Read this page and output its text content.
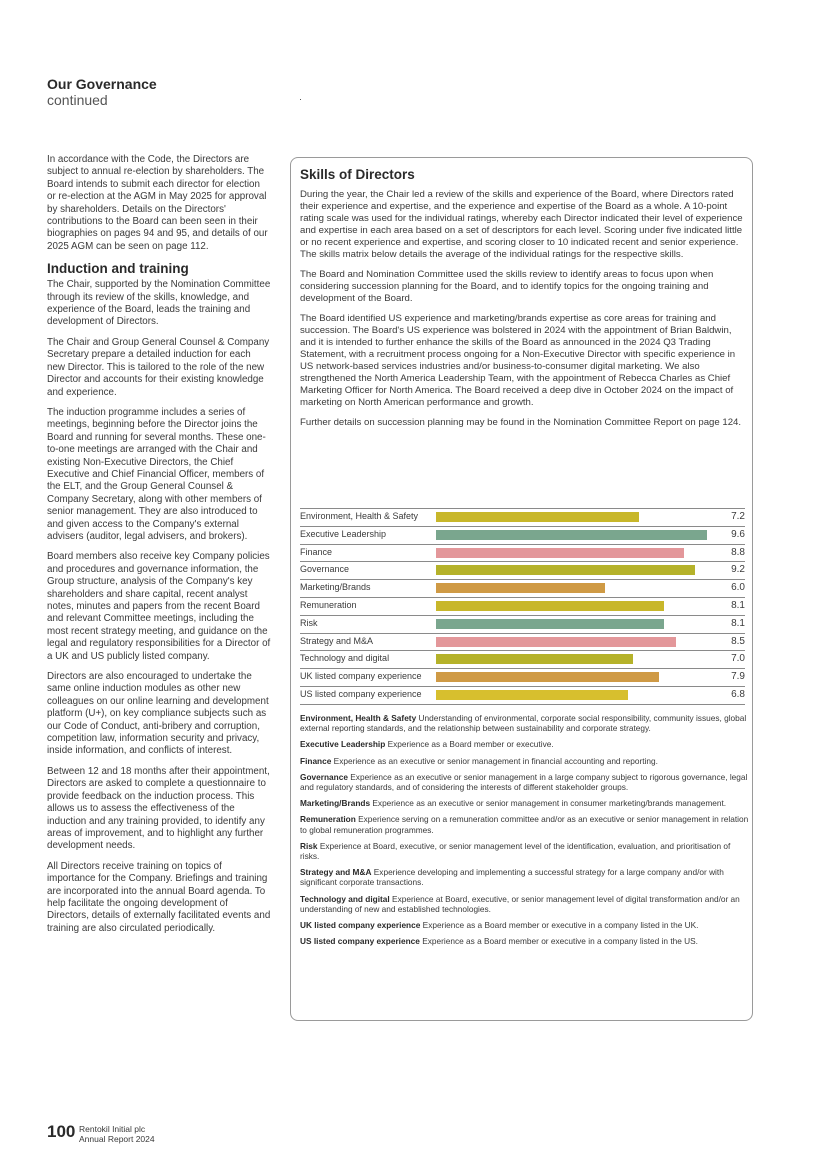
Our Governance
continued

In accordance with the Code, the Directors are subject to annual re-election by shareholders. The Board intends to submit each director for election or re-election at the AGM in May 2025 for approval by shareholders. Details on the Directors' contributions to the Board can been seen in their biographies on pages 94 and 95, and details of our 2025 AGM can be seen on page 112.

Induction and training

The Chair, supported by the Nomination Committee through its review of the skills, knowledge, and experience of the Board, leads the training and development of Directors.

The Chair and Group General Counsel & Company Secretary prepare a detailed induction for each new Director. This is tailored to the role of the new Director and accounts for their existing knowledge and experience.

The induction programme includes a series of meetings, beginning before the Director joins the Board and running for several months. These one-to-one meetings are arranged with the Chair and existing Non-Executive Directors, the Chief Executive and Chief Financial Officer, members of the ELT, and the Group General Counsel & Company Secretary, along with other members of senior management. They are also introduced to and given access to the Company's external advisers (auditor, legal advisers, and brokers).

Board members also receive key Company policies and procedures and governance information, the Group structure, analysis of the Company's key shareholders and share capital, recent analyst notes, minutes and papers from the recent Board and relevant Committee meetings, including the most recent strategy meeting, and guidance on the legal and regulatory responsibilities for a Director of a UK and US publicly listed company.

Directors are also encouraged to undertake the same online induction modules as other new colleagues on our online learning and development platform (U+), on key compliance subjects such as our Code of Conduct, anti-bribery and corruption, competition law, information security and privacy, inside information, and conflicts of interest.

Between 12 and 18 months after their appointment, Directors are asked to complete a questionnaire to provide feedback on the induction process. This allows us to assess the effectiveness of the induction and any training provided, to identify any areas of improvement, and to highlight any further development needs.

All Directors receive training on topics of importance for the Company. Briefings and training are incorporated into the annual Board agenda. To help facilitate the ongoing development of Directors, details of externally facilitated events and training are also circulated periodically.

Skills of Directors

During the year, the Chair led a review of the skills and experience of the Board, where Directors rated their experience and expertise, and the experience and expertise of the Board as a whole. A 10-point rating scale was used for the individual ratings, whereby each Director indicated their level of experience and expertise in each area based on a set of descriptors for each level. Scoring under five indicated little or no recent experience and expertise, and scoring closer to 10 indicated recent and senior experience. The skills matrix below details the average of the individual ratings for the respective skills.

The Board and Nomination Committee used the skills review to identify areas to focus upon when considering succession planning for the Board, and to identify topics for the ongoing training and development of the Board.

The Board identified US experience and marketing/brands expertise as core areas for training and succession. The Board's US experience was bolstered in 2024 with the appointment of Brian Baldwin, and it is intended to further enhance the skills of the Board as announced in the 2024 Q3 Trading Statement, with a recruitment process ongoing for a Non-Executive Director with specific experience in US network-based services industries and/or business-to-consumer digital marketing. We also strengthened the North America Leadership Team, with the appointment of Rebecca Charles as Chief Marketing Officer for North America. The Board received a deep dive in October 2024 on the impact of marketing on North American performance and growth.

Further details on succession planning may be found in the Nomination Committee Report on page 124.

Environment, Health & Safety	7.2
Executive Leadership	9.6
Finance	8.8
Governance	9.2
Marketing/Brands	6.0
Remuneration	8.1
Risk	8.1
Strategy and M&A	8.5
Technology and digital	7.0
UK listed company experience	7.9
US listed company experience	6.8

Environment, Health & Safety Understanding of environmental, corporate social responsibility, community issues, global external reporting standards, and the relationship between sustainability and corporate strategy.

Executive Leadership Experience as a Board member or executive.

Finance Experience as an executive or senior management in financial accounting and reporting.

Governance Experience as an executive or senior management in a large company subject to rigorous governance, legal and regulatory standards, and of considering the interests of different stakeholder groups.

Marketing/Brands Experience as an executive or senior management in consumer marketing/brands management.

Remuneration Experience serving on a remuneration committee and/or as an executive or senior management in relation to global remuneration programmes.

Risk Experience at Board, executive, or senior management level of the identification, evaluation, and prioritisation of risks.

Strategy and M&A Experience developing and implementing a successful strategy for a large company and/or with significant corporate transactions.

Technology and digital Experience at Board, executive, or senior management level of digital transformation and/or an understanding of new and established technologies.

UK listed company experience Experience as a Board member or executive in a company listed in the UK.

US listed company experience Experience as a Board member or executive in a company listed in the US.

100 Rentokil Initial plc
Annual Report 2024
